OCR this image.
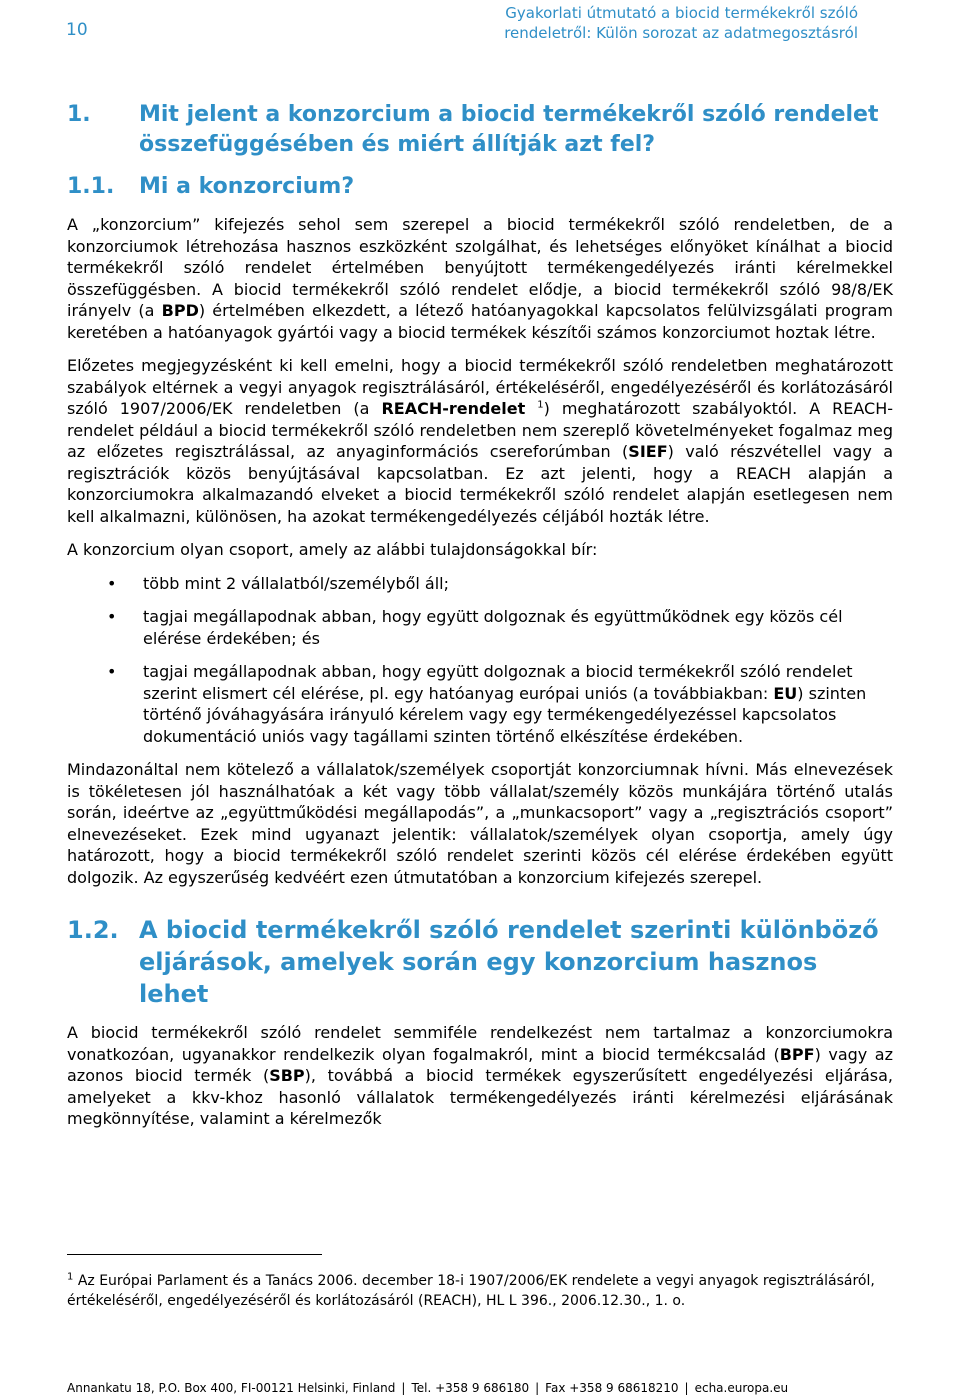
10
Gyakorlati útmutató a biocid termékekről szóló
rendeletről: Külön sorozat az adatmegosztásról
1.	Mit jelent a konzorcium a biocid termékekről szóló rendelet összefüggésében és miért állítják azt fel?
1.1.	Mi a konzorcium?

A „konzorcium” kifejezés sehol sem szerepel a biocid termékekről szóló rendeletben, de a konzorciumok létrehozása hasznos eszközként szolgálhat, és lehetséges előnyöket kínálhat a biocid termékekről szóló rendelet értelmében benyújtott termékengedélyezés iránti kérelmekkel összefüggésben. A biocid termékekről szóló rendelet elődje, a biocid termékekről szóló 98/8/EK irányelv (a BPD) értelmében elkezdett, a létező hatóanyagokkal kapcsolatos felülvizsgálati program keretében a hatóanyagok gyártói vagy a biocid termékek készítői számos konzorciumot hoztak létre.

Előzetes megjegyzésként ki kell emelni, hogy a biocid termékekről szóló rendeletben meghatározott szabályok eltérnek a vegyi anyagok regisztrálásáról, értékeléséről, engedélyezéséről és korlátozásáról szóló 1907/2006/EK rendeletben (a REACH-rendelet $^1$) meghatározott szabályoktól. A REACH-rendelet például a biocid termékekről szóló rendeletben nem szereplő követelményeket fogalmaz meg az előzetes regisztrálással, az anyaginformációs csereforúmban (SIEF) való részvétellel vagy a regisztrációk közös benyújtásával kapcsolatban. Ez azt jelenti, hogy a REACH alapján a konzorciumokra alkalmazandó elveket a biocid termékekről szóló rendelet alapján esetlegesen nem kell alkalmazni, különösen, ha azokat termékengedélyezés céljából hozták létre.

A konzorcium olyan csoport, amely az alábbi tulajdonságokkal bír:

• több mint 2 vállalatból/személyből áll;
• tagjai megállapodnak abban, hogy együtt dolgoznak és együttműködnek egy közös cél elérése érdekében; és
• tagjai megállapodnak abban, hogy együtt dolgoznak a biocid termékekről szóló rendelet szerint elismert cél elérése, pl. egy hatóanyag európai uniós (a továbbiakban: EU) szinten történő jóváhagyására irányuló kérelem vagy egy termékengedélyezéssel kapcsolatos dokumentáció uniós vagy tagállami szinten történő elkészítése érdekében.

Mindazonáltal nem kötelező a vállalatok/személyek csoportját konzorciumnak hívni. Más elnevezések is tökéletesen jól használhatóak a két vagy több vállalat/személy közös munkájára történő utalás során, ideértve az „együttműködési megállapodás”, a „munkacsoport” vagy a „regisztrációs csoport” elnevezéseket. Ezek mind ugyanazt jelentik: vállalatok/személyek olyan csoportja, amely úgy határozott, hogy a biocid termékekről szóló rendelet szerinti közös cél elérése érdekében együtt dolgozik. Az egyszerűség kedvéért ezen útmutatóban a konzorcium kifejezés szerepel.

1.2. A biocid termékekről szóló rendelet szerinti különböző eljárások, amelyek során egy konzorcium hasznos lehet

A biocid termékekről szóló rendelet semmiféle rendelkezést nem tartalmaz a konzorciumokra vonatkozóan, ugyanakkor rendelkezik olyan fogalmakról, mint a biocid termékcsalád (BPF) vagy az azonos biocid termék (SBP), továbbá a biocid termékek egyszerűsített engedélyezési eljárása, amelyeket a kkv-khoz hasonló vállalatok termékengedélyezés iránti kérelmezési eljárásának megkönnyítése, valamint a kérelmezők

$^1$ Az Európai Parlament és a Tanács 2006. december 18-i 1907/2006/EK rendelete a vegyi anyagok regisztrálásáról, értékeléséről, engedélyezéséről és korlátozásáról (REACH), HL L 396., 2006.12.30., 1. o.
Annankatu 18, P.O. Box 400, FI-00121 Helsinki, Finland | Tel. +358 9 686180 | Fax +358 9 68618210 | echa.europa.eu
